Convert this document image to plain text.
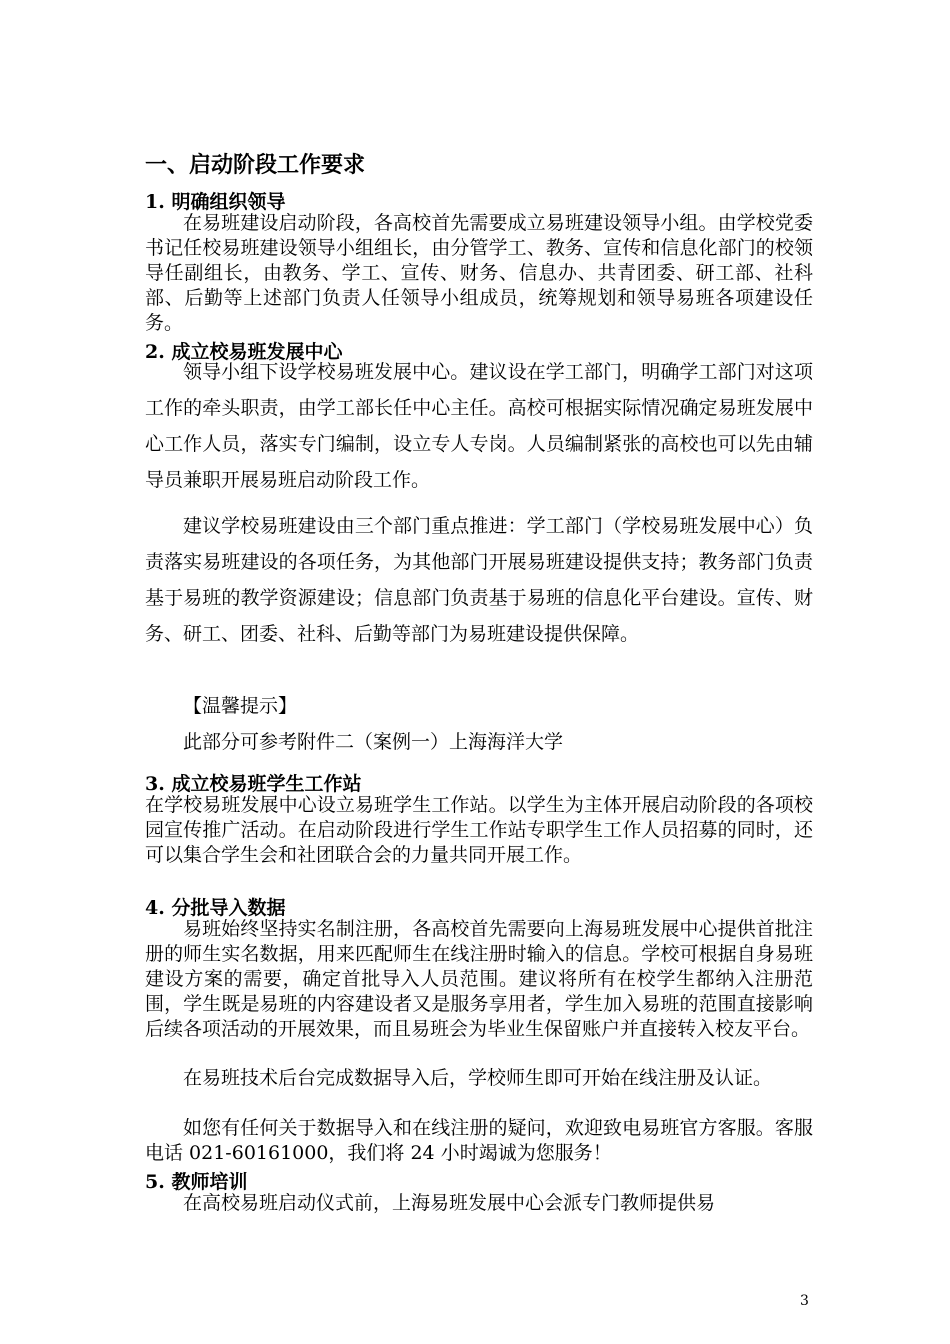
一、启动阶段工作要求
1. 明确组织领导
在易班建设启动阶段，各高校首先需要成立易班建设领导小组。由学校党委书记任校易班建设领导小组组长，由分管学工、教务、宣传和信息化部门的校领导任副组长，由教务、学工、宣传、财务、信息办、共青团委、研工部、社科部、后勤等上述部门负责人任领导小组成员，统筹规划和领导易班各项建设任务。
2. 成立校易班发展中心
领导小组下设学校易班发展中心。建议设在学工部门，明确学工部门对这项工作的牵头职责，由学工部长任中心主任。高校可根据实际情况确定易班发展中心工作人员，落实专门编制，设立专人专岗。人员编制紧张的高校也可以先由辅导员兼职开展易班启动阶段工作。
建议学校易班建设由三个部门重点推进：学工部门（学校易班发展中心）负责落实易班建设的各项任务，为其他部门开展易班建设提供支持；教务部门负责基于易班的教学资源建设；信息部门负责基于易班的信息化平台建设。宣传、财务、研工、团委、社科、后勤等部门为易班建设提供保障。
【温馨提示】
此部分可参考附件二（案例一）上海海洋大学
3. 成立校易班学生工作站
在学校易班发展中心设立易班学生工作站。以学生为主体开展启动阶段的各项校园宣传推广活动。在启动阶段进行学生工作站专职学生工作人员招募的同时，还可以集合学生会和社团联合会的力量共同开展工作。
4. 分批导入数据
易班始终坚持实名制注册，各高校首先需要向上海易班发展中心提供首批注册的师生实名数据，用来匹配师生在线注册时输入的信息。学校可根据自身易班建设方案的需要，确定首批导入人员范围。建议将所有在校学生都纳入注册范围，学生既是易班的内容建设者又是服务享用者，学生加入易班的范围直接影响后续各项活动的开展效果，而且易班会为毕业生保留账户并直接转入校友平台。
在易班技术后台完成数据导入后，学校师生即可开始在线注册及认证。
如您有任何关于数据导入和在线注册的疑问，欢迎致电易班官方客服。客服电话 021-60161000，我们将 24 小时竭诚为您服务！
5. 教师培训
在高校易班启动仪式前，上海易班发展中心会派专门教师提供易
3
